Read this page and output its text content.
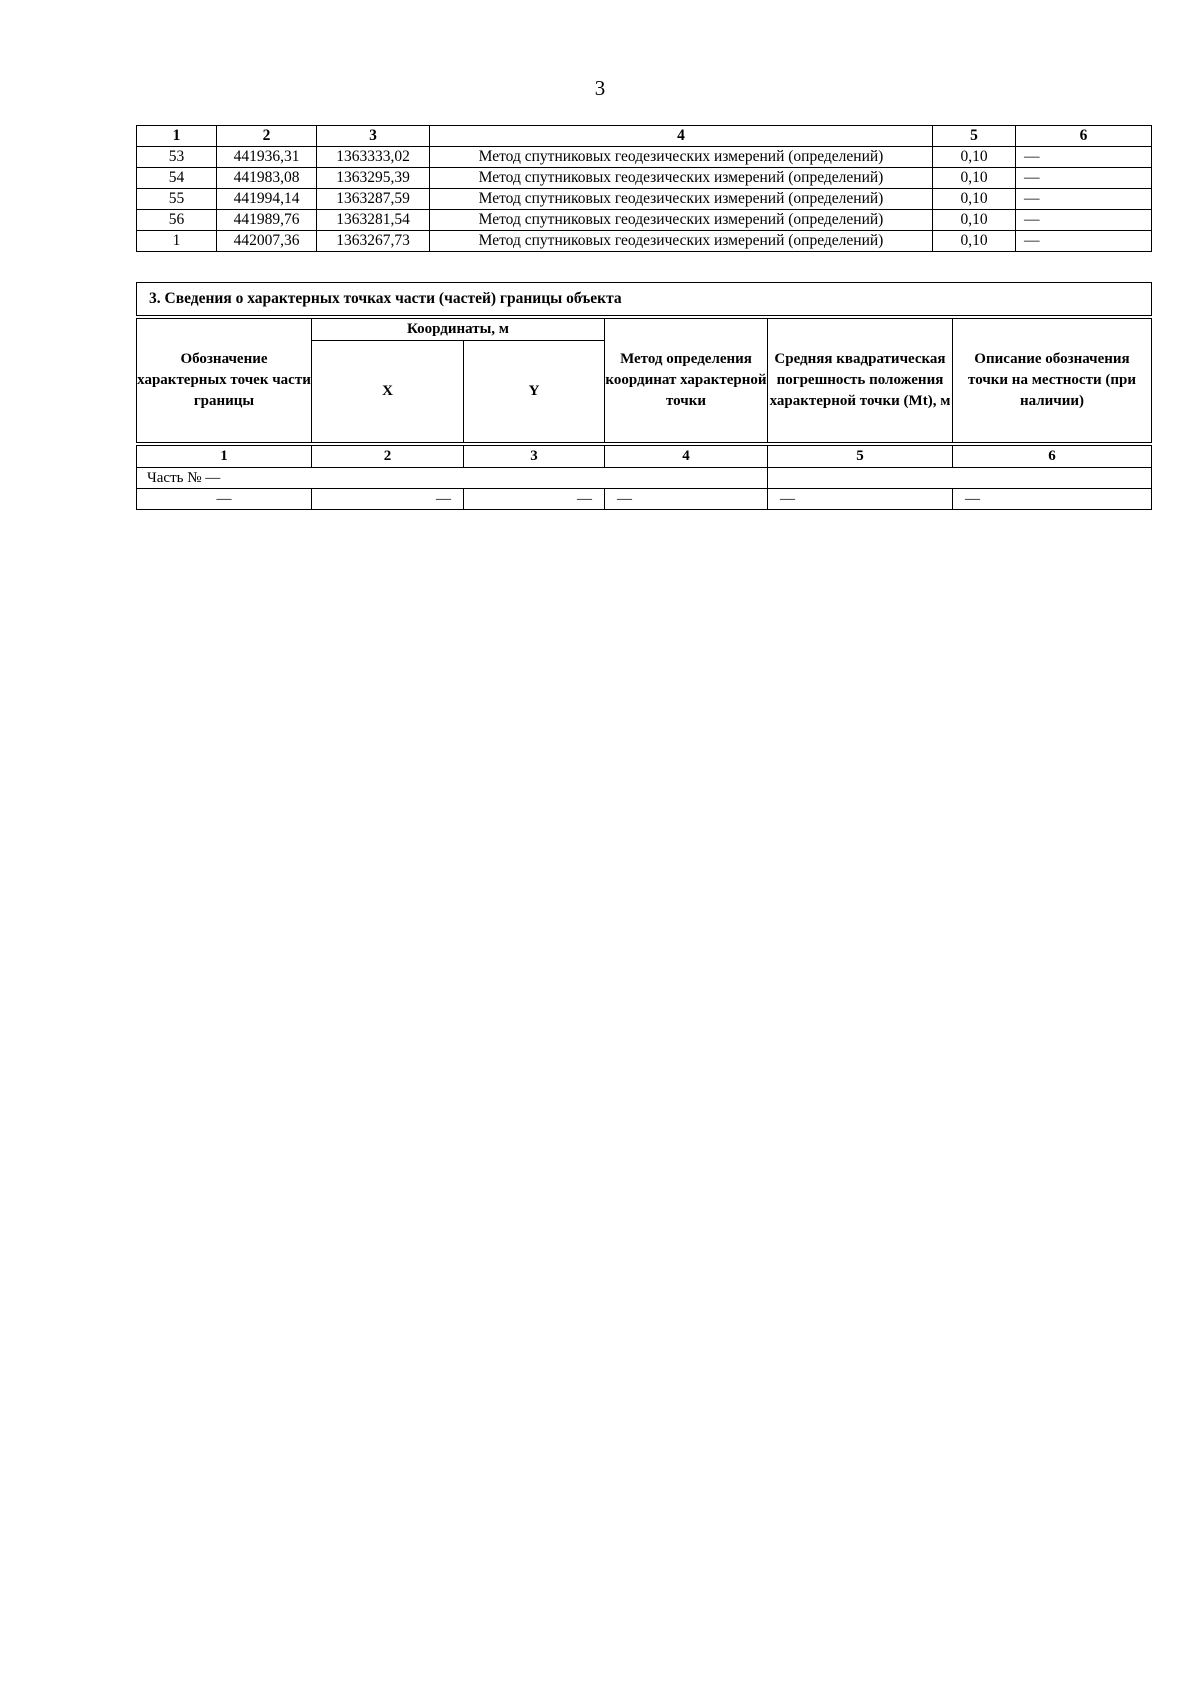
3
1	2	3	4	5	6
53	441936,31	1363333,02	Метод спутниковых геодезических измерений (определений)	0,10	—
54	441983,08	1363295,39	Метод спутниковых геодезических измерений (определений)	0,10	—
55	441994,14	1363287,59	Метод спутниковых геодезических измерений (определений)	0,10	—
56	441989,76	1363281,54	Метод спутниковых геодезических измерений (определений)	0,10	—
1	442007,36	1363267,73	Метод спутниковых геодезических измерений (определений)	0,10	—
3. Сведения о характерных точках части (частей) границы объекта					
Обозначение характерных точек части границы	Координаты, м		Метод определения координат характерной точки	Средняя квадратическая погрешность положения характерной точки (Mt), м	Описание обозначения точки на местности (при наличии)
	X	Y			
1	2	3	4	5	6
Часть № —					
—	—	—	—	—	—
